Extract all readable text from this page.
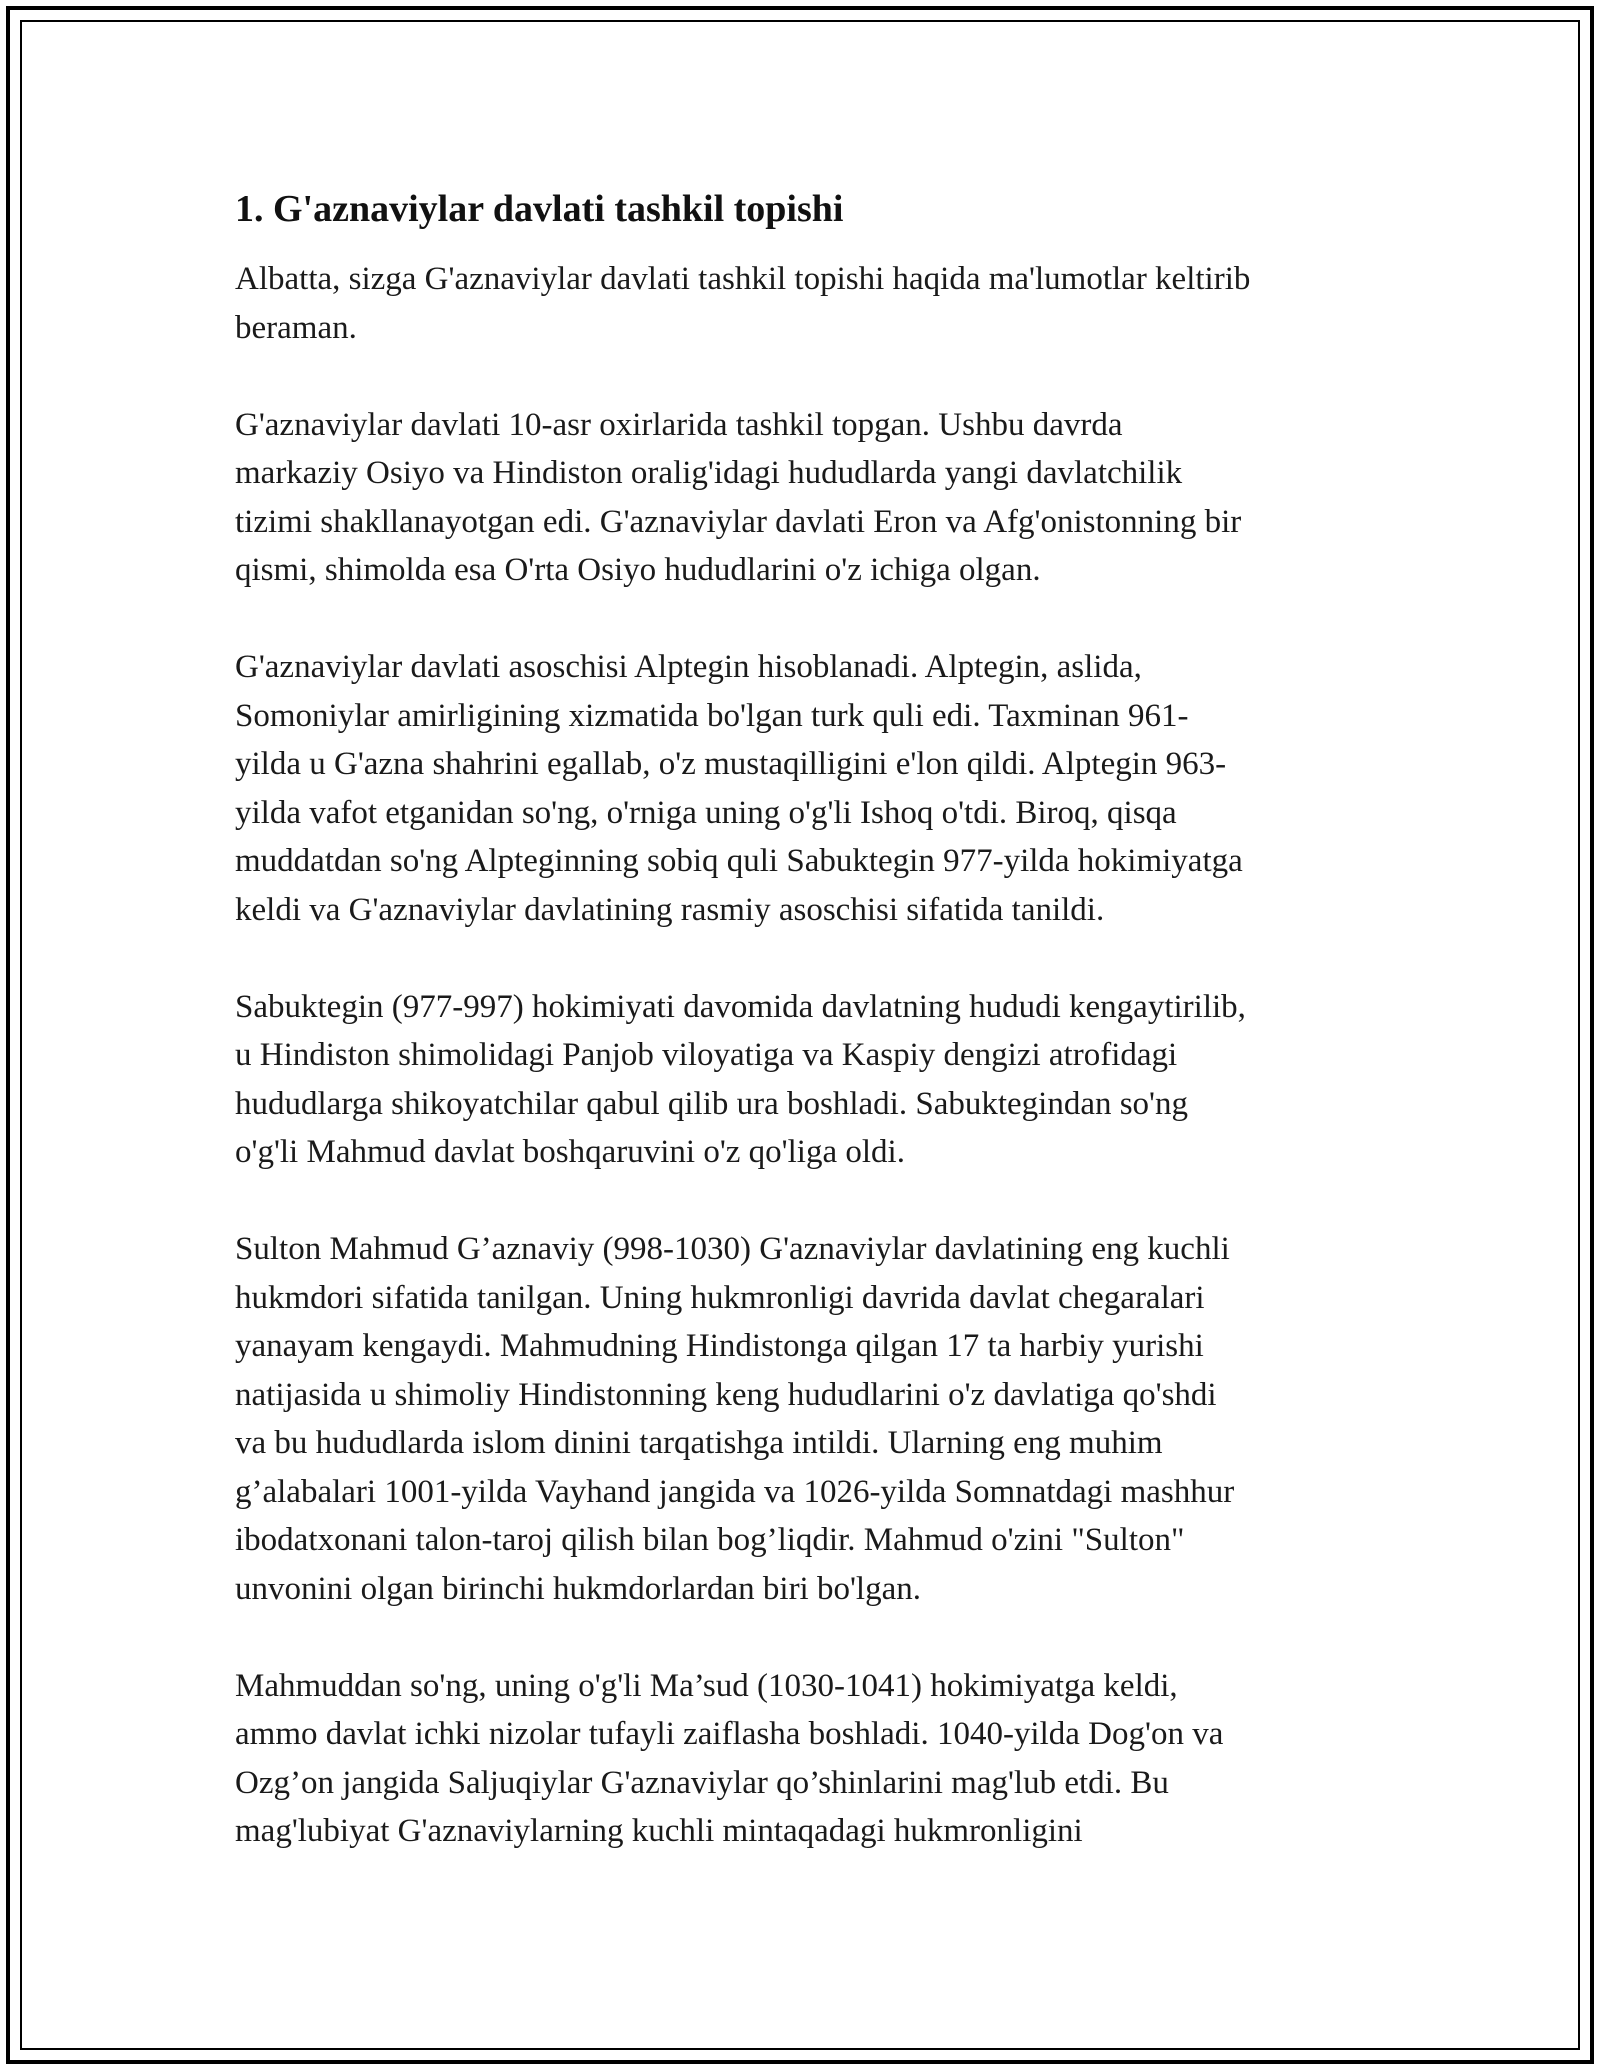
1. G'aznaviylar davlati tashkil topishi

Albatta, sizga G'aznaviylar davlati tashkil topishi haqida ma'lumotlar keltirib
beraman.

G'aznaviylar davlati 10-asr oxirlarida tashkil topgan. Ushbu davrda
markaziy Osiyo va Hindiston oralig'idagi hududlarda yangi davlatchilik
tizimi shakllanayotgan edi. G'aznaviylar davlati Eron va Afg'onistonning bir
qismi, shimolda esa O'rta Osiyo hududlarini o'z ichiga olgan.

G'aznaviylar davlati asoschisi Alptegin hisoblanadi. Alptegin, aslida,
Somoniylar amirligining xizmatida bo'lgan turk quli edi. Taxminan 961-
yilda u G'azna shahrini egallab, o'z mustaqilligini e'lon qildi. Alptegin 963-
yilda vafot etganidan so'ng, o'rniga uning o'g'li Ishoq o'tdi. Biroq, qisqa
muddatdan so'ng Alpteginning sobiq quli Sabuktegin 977-yilda hokimiyatga
keldi va G'aznaviylar davlatining rasmiy asoschisi sifatida tanildi.

Sabuktegin (977-997) hokimiyati davomida davlatning hududi kengaytirilib,
u Hindiston shimolidagi Panjob viloyatiga va Kaspiy dengizi atrofidagi
hududlarga shikoyatchilar qabul qilib ura boshladi. Sabuktegindan so'ng
o'g'li Mahmud davlat boshqaruvini o'z qo'liga oldi.

Sulton Mahmud G’aznaviy (998-1030) G'aznaviylar davlatining eng kuchli
hukmdori sifatida tanilgan. Uning hukmronligi davrida davlat chegaralari
yanayam kengaydi. Mahmudning Hindistonga qilgan 17 ta harbiy yurishi
natijasida u shimoliy Hindistonning keng hududlarini o'z davlatiga qo'shdi
va bu hududlarda islom dinini tarqatishga intildi. Ularning eng muhim
g’alabalari 1001-yilda Vayhand jangida va 1026-yilda Somnatdagi mashhur
ibodatxonani talon-taroj qilish bilan bog’liqdir. Mahmud o'zini "Sulton"
unvonini olgan birinchi hukmdorlardan biri bo'lgan.

Mahmuddan so'ng, uning o'g'li Ma’sud (1030-1041) hokimiyatga keldi,
ammo davlat ichki nizolar tufayli zaiflasha boshladi. 1040-yilda Dog'on va
Ozg’on jangida Saljuqiylar G'aznaviylar qo’shinlarini mag'lub etdi. Bu
mag'lubiyat G'aznaviylarning kuchli mintaqadagi hukmronligini
